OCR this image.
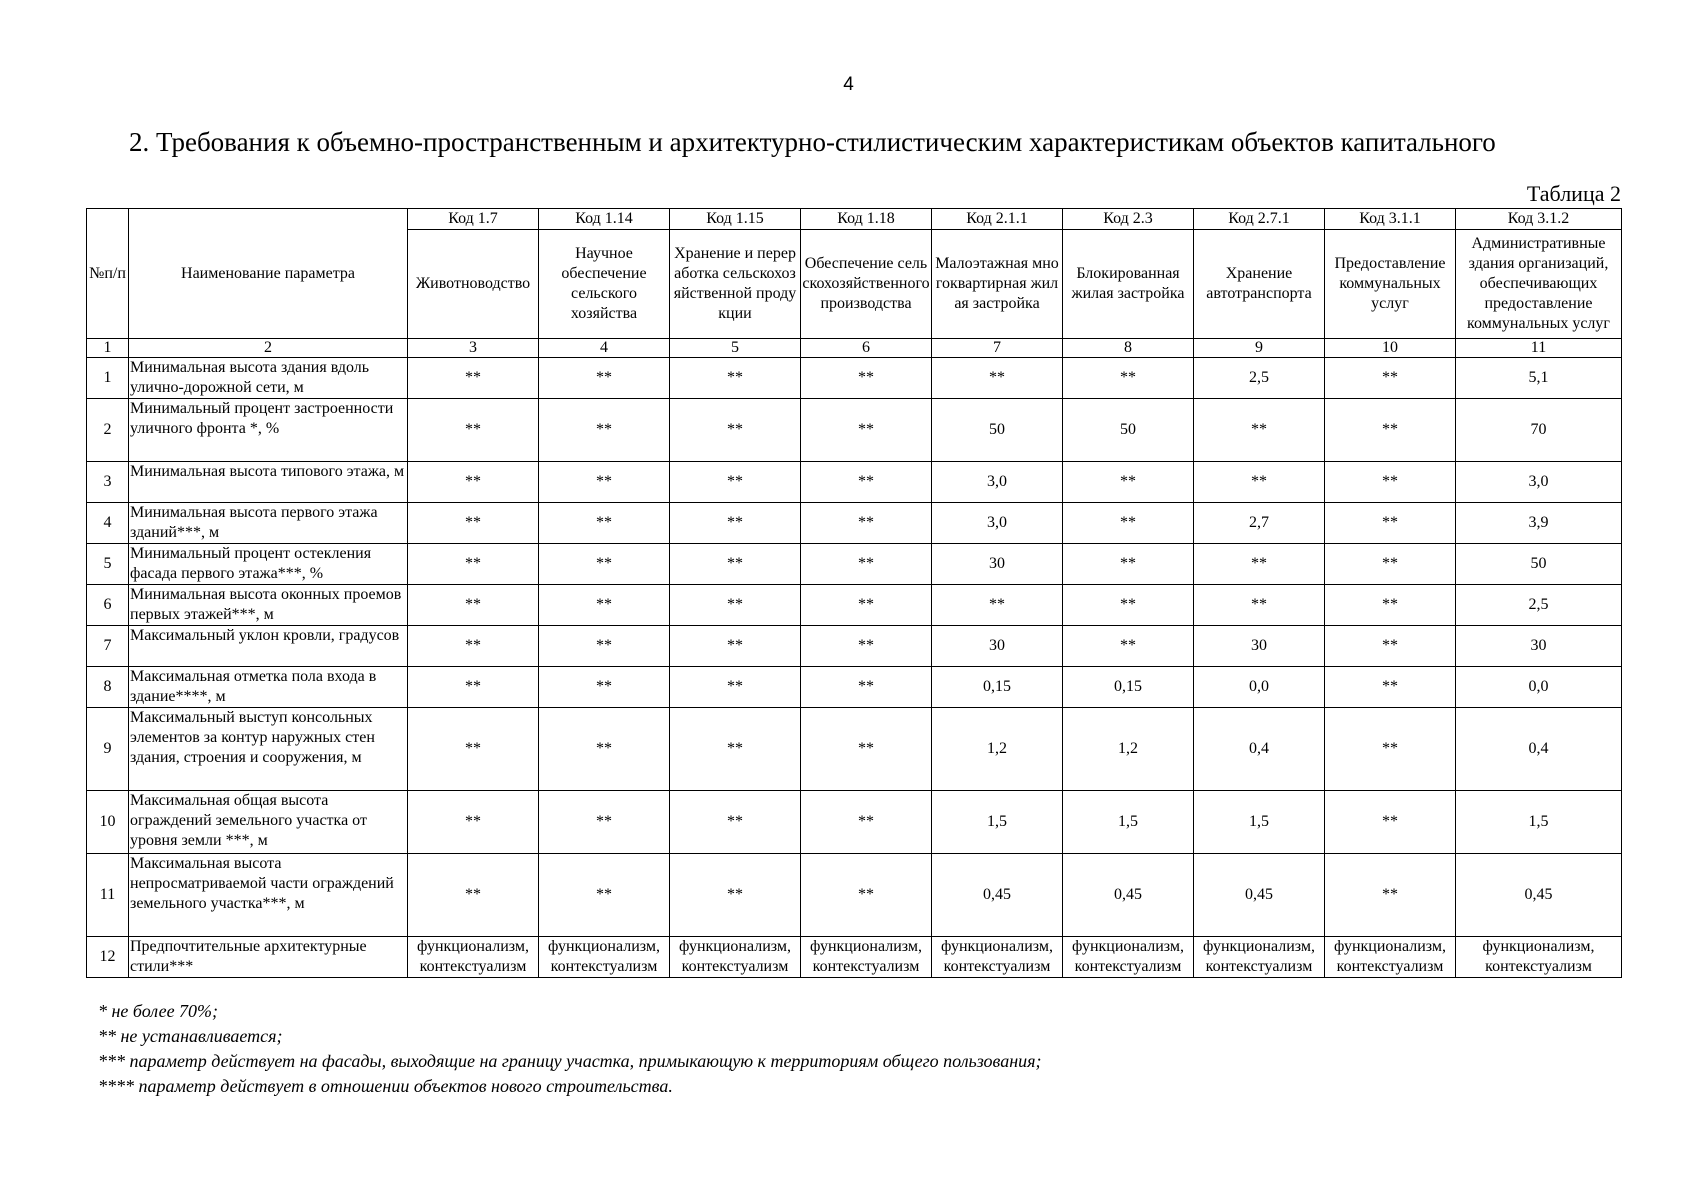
4
2. Требования к объемно-пространственным и архитектурно-стилистическим характеристикам объектов капитального
Таблица 2
№п/п	Наименование параметра	Код 1.7	Код 1.14	Код 1.15	Код 1.18	Код 2.1.1	Код 2.3	Код 2.7.1	Код 3.1.1	Код 3.1.2
		Животноводство	Научное обеспечение сельского хозяйства	Хранение и переработка сельскохозяйственной продукции	Обеспечение сельскохозяйственного производства	Малоэтажная многоквартирная жилая застройка	Блокированная жилая застройка	Хранение автотранспорта	Предоставление коммунальных услуг	Административные здания организаций, обеспечивающих предоставление коммунальных услуг
1	2	3	4	5	6	7	8	9	10	11
1	Минимальная высота здания вдоль улично-дорожной сети, м	**	**	**	**	**	**	2,5	**	5,1
2	Минимальный процент застроенности уличного фронта *, %	**	**	**	**	50	50	**	**	70
3	Минимальная высота типового этажа, м	**	**	**	**	3,0	**	**	**	3,0
4	Минимальная высота первого этажа зданий***, м	**	**	**	**	3,0	**	2,7	**	3,9
5	Минимальный процент остекления фасада первого этажа***, %	**	**	**	**	30	**	**	**	50
6	Минимальная высота оконных проемов первых этажей***, м	**	**	**	**	**	**	**	**	2,5
7	Максимальный уклон кровли, градусов	**	**	**	**	30	**	30	**	30
8	Максимальная отметка пола входа в здание****, м	**	**	**	**	0,15	0,15	0,0	**	0,0
9	Максимальный выступ консольных элементов за контур наружных стен здания, строения и сооружения, м	**	**	**	**	1,2	1,2	0,4	**	0,4
10	Максимальная общая высота ограждений земельного участка от уровня земли ***, м	**	**	**	**	1,5	1,5	1,5	**	1,5
11	Максимальная высота непросматриваемой части ограждений земельного участка***, м	**	**	**	**	0,45	0,45	0,45	**	0,45
12	Предпочтительные архитектурные стили***	функционализм, контекстуализм	функционализм, контекстуализм	функционализм, контекстуализм	функционализм, контекстуализм	функционализм, контекстуализм	функционализм, контекстуализм	функционализм, контекстуализм	функционализм, контекстуализм	функционализм, контекстуализм
* не более 70%;
** не устанавливается;
*** параметр действует на фасады, выходящие на границу участка, примыкающую к территориям общего пользования;
**** параметр действует в отношении объектов нового строительства.
